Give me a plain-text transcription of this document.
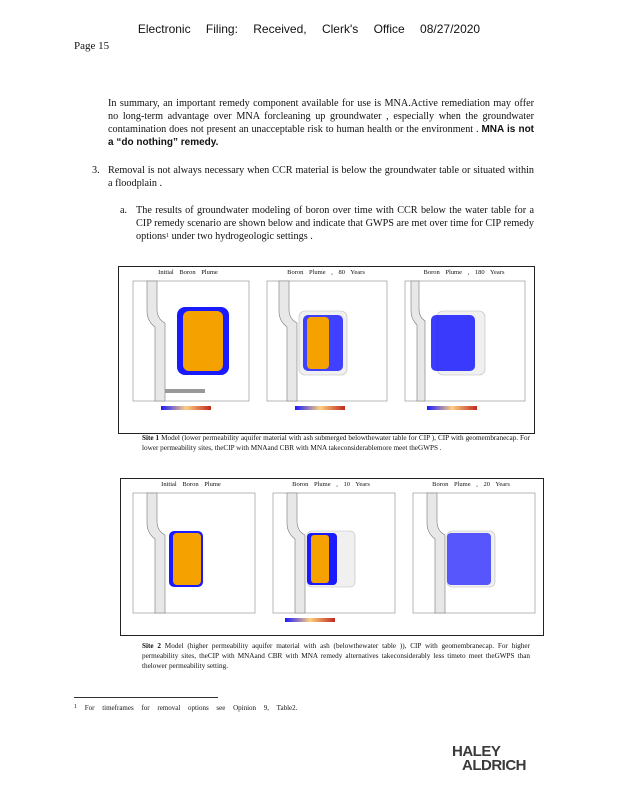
Electronic Filing: Received, Clerk's Office 08/27/2020
Page 15
In summary, an important remedy component available for use is MNA.Active remediation may offer no long-term advantage over MNA forcleaning up groundwater , especially when the groundwater contamination does not present an unacceptable risk to human health or the environment . MNA is not a “do nothing” remedy.
3. Removal is not always necessary when CCR material is below the groundwater table or situated within a floodplain .
a. The results of groundwater modeling of boron over time with CCR below the water table for a CIP remedy scenario are shown below and indicate that GWPS are met over time for CIP remedy options$^1$ under two hydrogeologic settings .
Initial Boron Plume	Boron Plume , 80 Years	Boron Plume , 180 Years
Site 1 Model (lower permeability aquifer material with ash submerged belowthewater table for CIP ), CIP with geomembranecap. For lower permeability sites, theCIP with MNAand CBR with MNA takeconsiderablemore meet theGWPS .
Initial Boron Plume	Boron Plume , 10 Years	Boron Plume , 20 Years
Site 2 Model (higher permeability aquifer material with ash (belowthewater table )), CIP with geomembranecap. For higher permeability sites, theCIP with MNAand CBR with MNA remedy alternatives takeconsiderably less timeto meet theGWPS than thelower permeability setting.
$^1$ For timeframes for removal options see Opinion 9, Table2.
HALEY
ALDRICH
